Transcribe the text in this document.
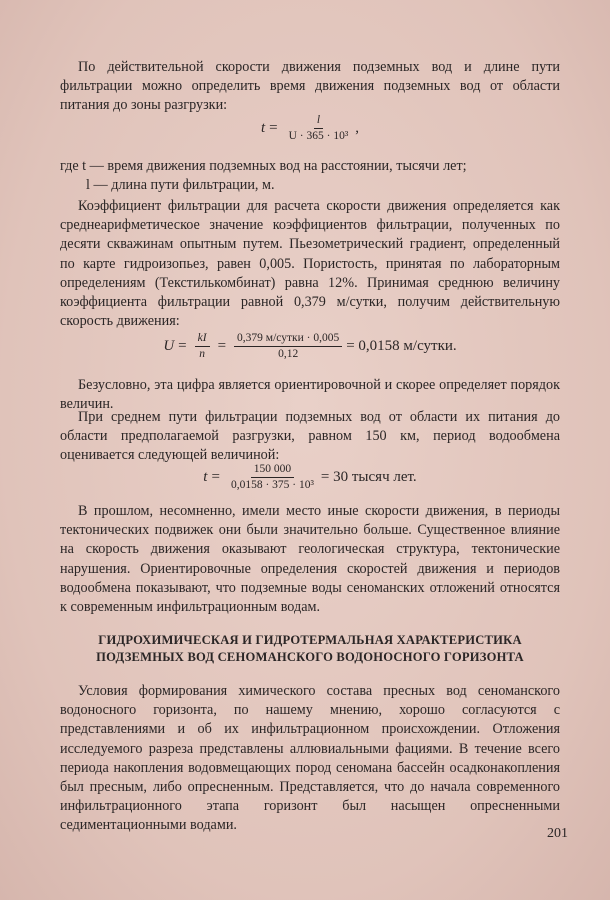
По действительной скорости движения подземных вод и длине пути фильтрации можно определить время движения подземных вод от области питания до зоны разгрузки:

$t = \frac{l}{\text{U · 365 · 10³}}$ ,
где t — время движения подземных вод на расстоянии, тысячи лет;
l — длина пути фильтрации, м.

Коэффициент фильтрации для расчета скорости движения определяется как среднеарифметическое значение коэффициентов фильтрации, полученных по десяти скважинам опытным путем. Пьезометрический градиент, определенный по карте гидроизопьез, равен 0,005. Пористость, принятая по лабораторным определениям (Текстилькомбинат) равна 12%. Принимая среднюю величину коэффициента фильтрации равной 0,379 м/сутки, получим действительную скорость движения:

$U = \frac{kI}{n} = \frac{\text{0,379 м/сутки · 0,005}}{0,12} = 0,0158$ м/сутки.

Безусловно, эта цифра является ориентировочной и скорее определяет порядок величин.

При среднем пути фильтрации подземных вод от области их питания до области предполагаемой разгрузки, равном 150 км, период водообмена оценивается следующей величиной:

$t = \frac{150 000}{\text{0,0158 · 375 · 10³}} = 30$ тысяч лет.

В прошлом, несомненно, имели место иные скорости движения, в периоды тектонических подвижек они были значительно больше. Существенное влияние на скорость движения оказывают геологическая структура, тектонические нарушения. Ориентировочные определения скоростей движения и периодов водообмена показывают, что подземные воды сеноманских отложений относятся к современным инфильтрационным водам.

ГИДРОХИМИЧЕСКАЯ И ГИДРОТЕРМАЛЬНАЯ ХАРАКТЕРИСТИКА
ПОДЗЕМНЫХ ВОД СЕНОМАНСКОГО ВОДОНОСНОГО ГОРИЗОНТА

Условия формирования химического состава пресных вод сеноманского водоносного горизонта, по нашему мнению, хорошо согласуются с представлениями и об их инфильтрационном происхождении. Отложения исследуемого разреза представлены аллювиальными фациями. В течение всего периода накопления водовмещающих пород сеномана бассейн осадконакопления был пресным, либо опресненным. Представляется, что до начала современного инфильтрационного этапа горизонт был насыщен опресненными седиментационными водами.

201
